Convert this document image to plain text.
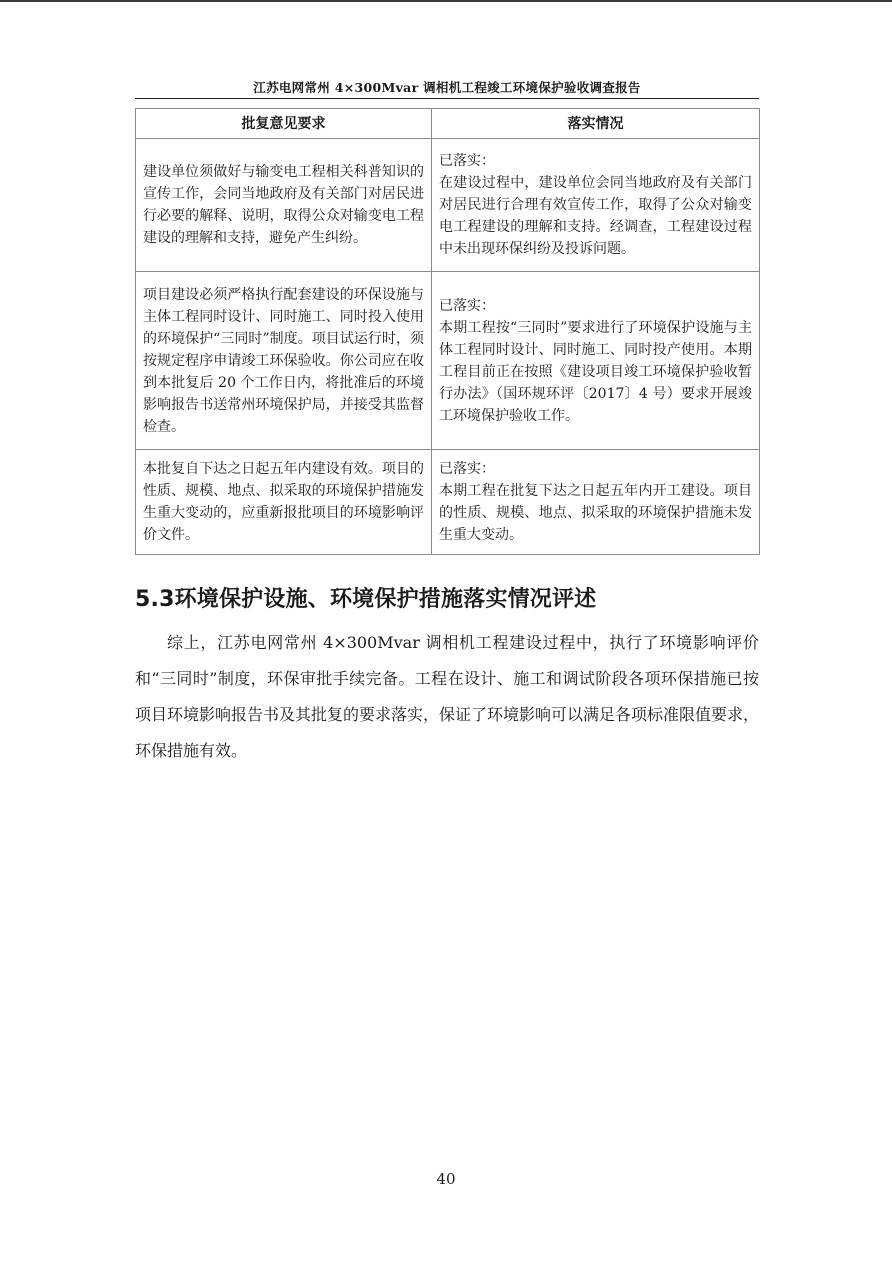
江苏电网常州 4×300Mvar 调相机工程竣工环境保护验收调查报告
批复意见要求	落实情况

建设单位须做好与输变电工程相关科普知识的宣传工作，会同当地政府及有关部门对居民进行必要的解释、说明，取得公众对输变电工程建设的理解和支持，避免产生纠纷。	已落实：
在建设过程中，建设单位会同当地政府及有关部门对居民进行合理有效宣传工作，取得了公众对输变电工程建设的理解和支持。经调查，工程建设过程中未出现环保纠纷及投诉问题。

项目建设必须严格执行配套建设的环保设施与主体工程同时设计、同时施工、同时投入使用的环境保护“三同时”制度。项目试运行时，须按规定程序申请竣工环保验收。你公司应在收到本批复后 20 个工作日内，将批准后的环境影响报告书送常州环境保护局，并接受其监督检查。	已落实：
本期工程按“三同时”要求进行了环境保护设施与主体工程同时设计、同时施工、同时投产使用。本期工程目前正在按照《建设项目竣工环境保护验收暂行办法》（国环规环评〔2017〕4 号）要求开展竣工环境保护验收工作。

本批复自下达之日起五年内建设有效。项目的性质、规模、地点、拟采取的环境保护措施发生重大变动的，应重新报批项目的环境影响评价文件。	已落实：
本期工程在批复下达之日起五年内开工建设。项目的性质、规模、地点、拟采取的环境保护措施未发生重大变动。
5.3环境保护设施、环境保护措施落实情况评述

综上，江苏电网常州 4×300Mvar 调相机工程建设过程中，执行了环境影响评价和“三同时”制度，环保审批手续完备。工程在设计、施工和调试阶段各项环保措施已按项目环境影响报告书及其批复的要求落实，保证了环境影响可以满足各项标准限值要求，环保措施有效。

40
